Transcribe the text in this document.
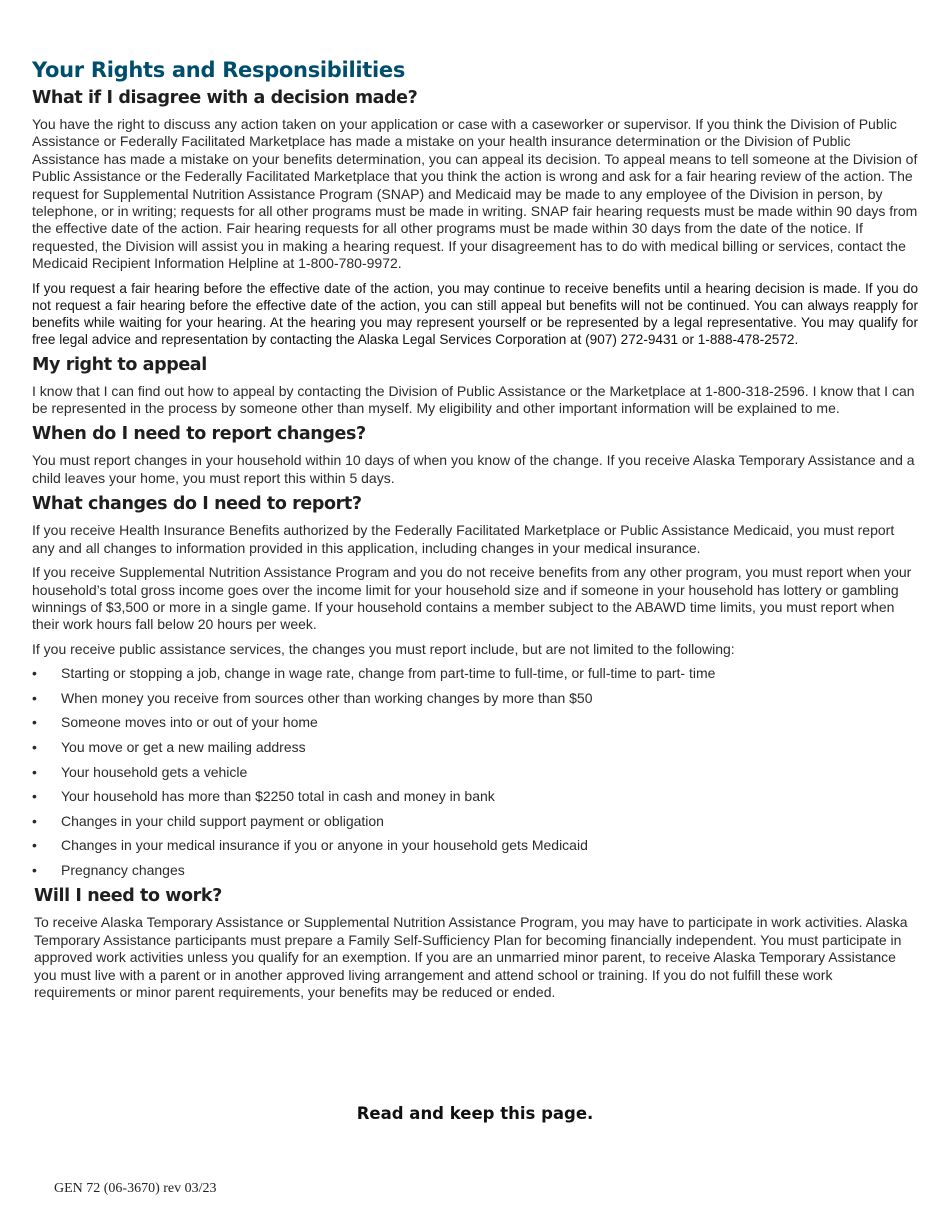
Your Rights and Responsibilities
What if I disagree with a decision made?

You have the right to discuss any action taken on your application or case with a caseworker or supervisor. If you think the Division of Public Assistance or Federally Facilitated Marketplace has made a mistake on your health insurance determination or the Division of Public Assistance has made a mistake on your benefits determination, you can appeal its decision. To appeal means to tell someone at the Division of Public Assistance or the Federally Facilitated Marketplace that you think the action is wrong and ask for a fair hearing review of the action. The request for Supplemental Nutrition Assistance Program (SNAP) and Medicaid may be made to any employee of the Division in person, by telephone, or in writing; requests for all other programs must be made in writing. SNAP fair hearing requests must be made within 90 days from the effective date of the action. Fair hearing requests for all other programs must be made within 30 days from the date of the notice. If requested, the Division will assist you in making a hearing request. If your disagreement has to do with medical billing or services, contact the Medicaid Recipient Information Helpline at 1-800-780-9972.

If you request a fair hearing before the effective date of the action, you may continue to receive benefits until a hearing decision is made. If you do not request a fair hearing before the effective date of the action, you can still appeal but benefits will not be continued. You can always reapply for benefits while waiting for your hearing. At the hearing you may represent yourself or be represented by a legal representative. You may qualify for free legal advice and representation by contacting the Alaska Legal Services Corporation at (907) 272-9431 or 1-888-478-2572.

My right to appeal

I know that I can find out how to appeal by contacting the Division of Public Assistance or the Marketplace at 1-800-318-2596. I know that I can be represented in the process by someone other than myself. My eligibility and other important information will be explained to me.

When do I need to report changes?

You must report changes in your household within 10 days of when you know of the change. If you receive Alaska Temporary Assistance and a child leaves your home, you must report this within 5 days.

What changes do I need to report?

If you receive Health Insurance Benefits authorized by the Federally Facilitated Marketplace or Public Assistance Medicaid, you must report any and all changes to information provided in this application, including changes in your medical insurance.

If you receive Supplemental Nutrition Assistance Program and you do not receive benefits from any other program, you must report when your household’s total gross income goes over the income limit for your household size and if someone in your household has lottery or gambling winnings of $3,500 or more in a single game. If your household contains a member subject to the ABAWD time limits, you must report when their work hours fall below 20 hours per week.

If you receive public assistance services, the changes you must report include, but are not limited to the following:

• Starting or stopping a job, change in wage rate, change from part-time to full-time, or full-time to part- time
• When money you receive from sources other than working changes by more than $50
• Someone moves into or out of your home
• You move or get a new mailing address
• Your household gets a vehicle
• Your household has more than $2250 total in cash and money in bank
• Changes in your child support payment or obligation
• Changes in your medical insurance if you or anyone in your household gets Medicaid
• Pregnancy changes
Will I need to work?

To receive Alaska Temporary Assistance or Supplemental Nutrition Assistance Program, you may have to participate in work activities. Alaska Temporary Assistance participants must prepare a Family Self-Sufficiency Plan for becoming financially independent. You must participate in approved work activities unless you qualify for an exemption. If you are an unmarried minor parent, to receive Alaska Temporary Assistance you must live with a parent or in another approved living arrangement and attend school or training. If you do not fulfill these work requirements or minor parent requirements, your benefits may be reduced or ended.

Read and keep this page.
GEN 72 (06-3670) rev 03/23
